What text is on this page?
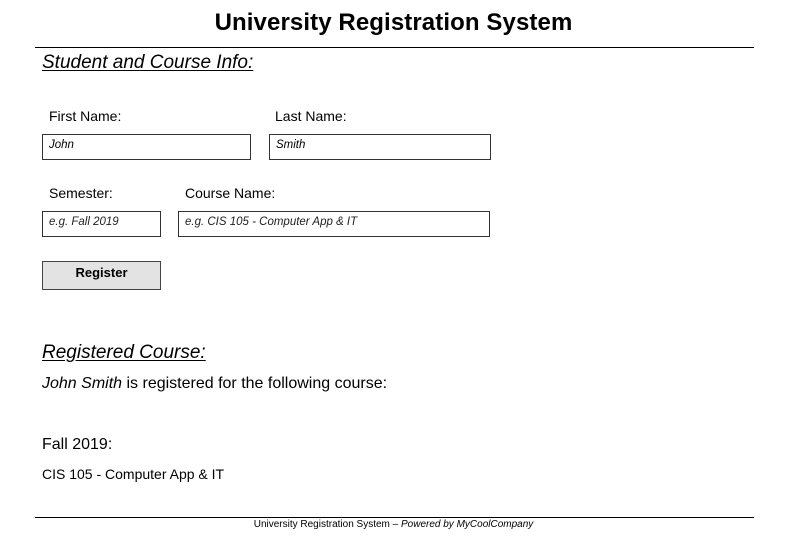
University Registration System
Student and Course Info:
First Name:
John	Last Name:
Smith
Semester:
e.g. Fall 2019	Course Name:
e.g. CIS 105 - Computer App & IT
Register
Registered Course:
John Smith is registered for the following course:
Fall 2019:
CIS 105 - Computer App & IT
University Registration System – Powered by MyCoolCompany
